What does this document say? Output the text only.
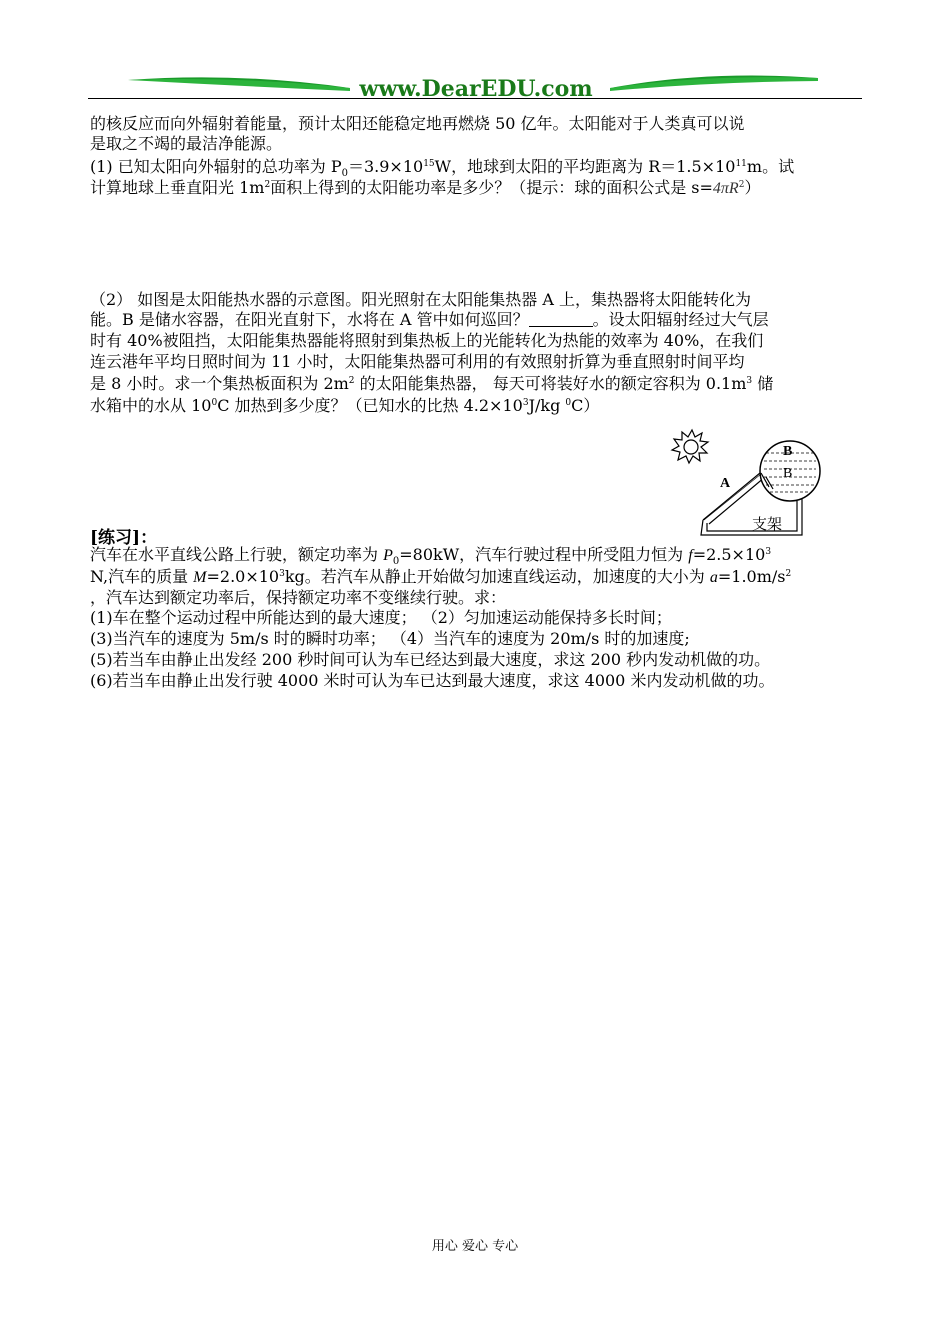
www.DearEDU.com
的核反应而向外辐射着能量，预计太阳还能稳定地再燃烧 50 亿年。太阳能对于人类真可以说
是取之不竭的最洁净能源。
(1) 已知太阳向外辐射的总功率为 $P_0=3.9\times 10^{15}W$，地球到太阳的平均距离为 $R=1.5\times 10^{11}m$。试
计算地球上垂直阳光 $1m^2$面积上得到的太阳能功率是多少？（提示：球的面积公式是 $s=4\pi R^2$）
（2） 如图是太阳能热水器的示意图。阳光照射在太阳能集热器 A 上，集热器将太阳能转化为
能。B 是储水容器，在阳光直射下，水将在 A 管中如何巡回？	。设太阳辐射经过大气层
时有 40%被阻挡，太阳能集热器能将照射到集热板上的光能转化为热能的效率为 40%，在我们
连云港年平均日照时间为 11 小时，太阳能集热器可利用的有效照射折算为垂直照射时间平均
是 8 小时。求一个集热板面积为 $2m^2$ 的太阳能集热器， 每天可将装好水的额定容积为 $0.1m^3$ 储
水箱中的水从 $10^0C$ 加热到多少度？（已知水的比热 $4.2\times 10^3J/kg$ $^0$C）
A
B
B
支架
[练习]：
汽车在水平直线公路上行驶，额定功率为 $P_0=80kW$，汽车行驶过程中所受阻力恒为 $f=2.5\times 10^3$
N,汽车的质量 $M=2.0\times 10^3kg$。若汽车从静止开始做匀加速直线运动，加速度的大小为 $a=1.0m/s^2$
，汽车达到额定功率后，保持额定功率不变继续行驶。求：
(1)车在整个运动过程中所能达到的最大速度； （2）匀加速运动能保持多长时间；
(3)当汽车的速度为 5m/s 时的瞬时功率； （4）当汽车的速度为 20m/s 时的加速度;
(5)若当车由静止出发经 200 秒时间可认为车已经达到最大速度，求这 200 秒内发动机做的功。
(6)若当车由静止出发行驶 4000 米时可认为车已达到最大速度，求这 4000 米内发动机做的功。
用心 爱心 专心
